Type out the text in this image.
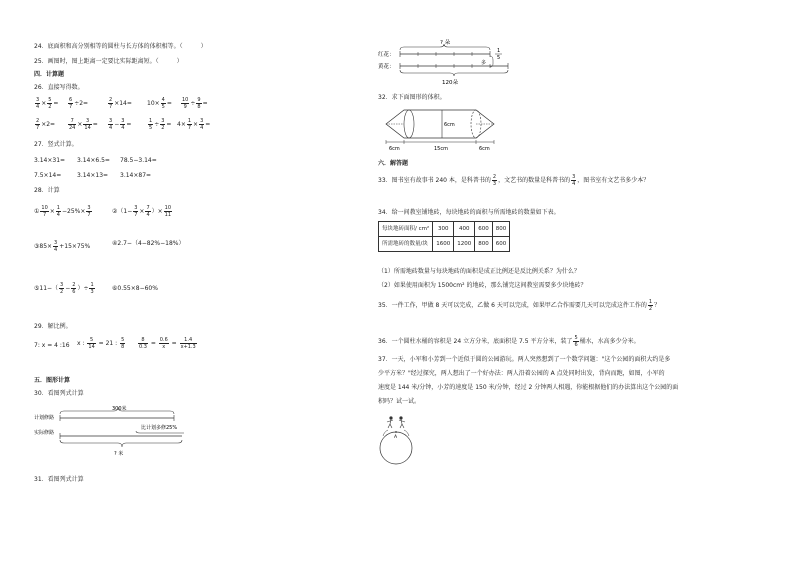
24．底面积和高分别相等的圆柱与长方体的体积相等。（　　　）
25．画图时，图上距离一定要比实际距离短。（　　　）
四．计算题
26．直接写得数。
$\frac{3}{4} \times \frac{5}{2} = \frac{6}{7} \div 2=$	$\frac{2}{7} \times 14=$	$10\times \frac{4}{5} = \frac{10}{9} \div \frac{9}{8}$ =
$\frac{2}{7} \times 2=$	$\frac{7}{24} \times \frac{3}{14} = \frac{3}{4} - \frac{3}{4}$ =	$\frac{1}{5} \div \frac{3}{2} = 4\times \frac{1}{7} \times \frac{3}{4}$ =
27．竖式计算。
3.14×31= 3.14×6.5= 78.5−3.14=
7.5×14=	3.14×13= 3.14×87=
28．计算
① $\frac{10}{7} \times \frac{1}{4} -25\%\times \frac{3}{7}$	②（1− $\frac{3}{7} \times \frac{7}{4}$ ）× $\frac{10}{11}$
③85× $\frac{3}{4} +15\times 75\%$	④2.7−（4−82%−18%）
⑤11−（ $\frac{3}{2} - \frac{2}{6}$ ）÷ $\frac{1}{3}$	⑥0.55×8−60%
29．解比例。
7: x = 4 :16 x : $\frac{5}{14} = 21$ : $\frac{5}{8}$	$\frac{8}{0.3} = \frac{0.6}{x} = \frac{1.4}{x+1.3}$
五．图形计算
30．看图列式计算
300米
计划修路
比计划多修25%
实际修路
? 米
31．看图列式计算
? 朵
红花：
1
5
多
黄花：
120朵
32．求下面图形的体积。
6cm
6cm	15cm	6cm
六．解答题
33．图书室有故事书 240 本，是科普书的 $\frac{2}{3}$ ，文艺书的数量是科普书的 $\frac{3}{4}$ ，图书室有文艺书多少本？
34．给一间教室铺地砖，每块地砖的面积与所需地砖的数量如下表。
每块地砖面积/ cm²	300	400	600	800
所需地砖的数量/块	1600	1200	800	600
（1）所需地砖数量与每块地砖的面积是成正比例还是反比例关系？为什么？
（2）如果使用面积为 1500cm² 的地砖，那么铺完这间教室需要多少块地砖？
35．一件工作，甲做 8 天可以完成，乙做 6 天可以完成，如果甲乙合作需要几天可以完成这件工作的 $\frac{1}{2}$ ？
36．一个圆柱水桶的容积是 24 立方分米，底面积是 7.5 平方分米，装了 $\frac{5}{6}$ 桶水，水高多少分米。
37．一天，小军和小芳到一个近似于圆的公园游玩。两人突然想到了一个数学问题："这个公园的面积大约是多
少平方米？"经过探究，两人想出了一个好办法：两人沿着公园的 A 点处同时出发，背向而跑，如图，小军的
速度是 144 米/分钟，小芳的速度是 150 米/分钟，经过 2 分钟两人相遇，你能根据他们的办法算出这个公园的面
积吗？试一试。
A
